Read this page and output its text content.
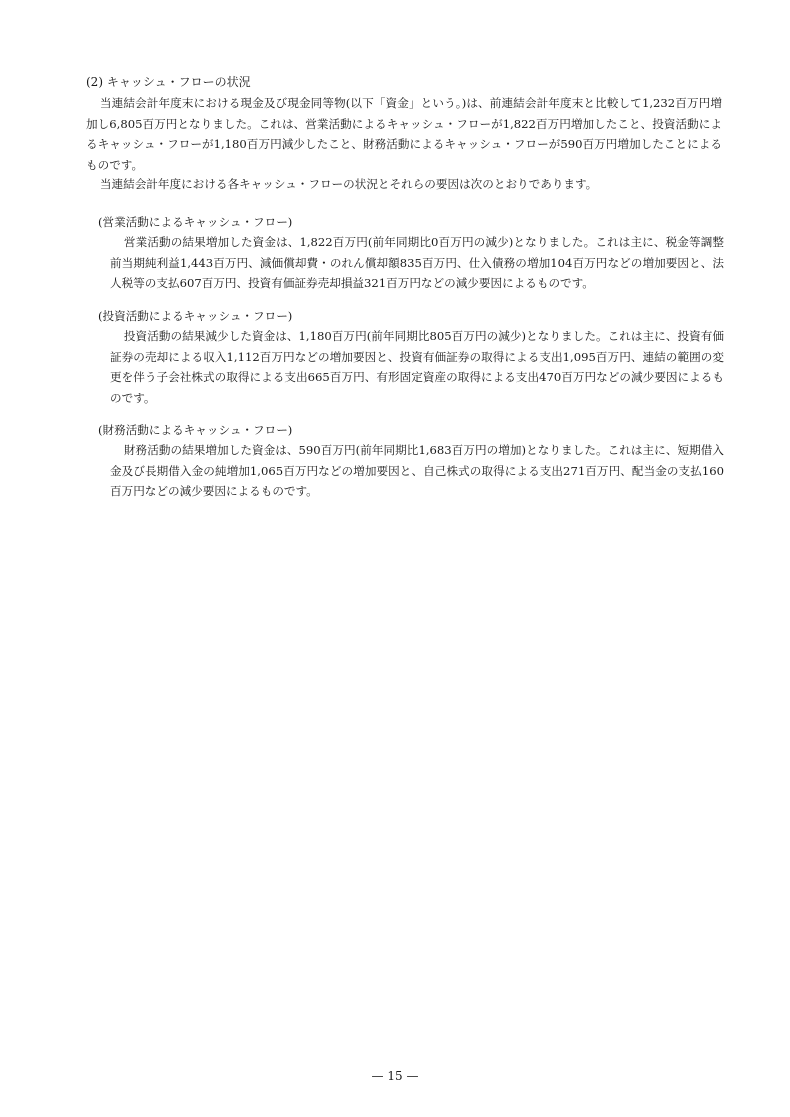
(2) キャッシュ・フローの状況

当連結会計年度末における現金及び現金同等物(以下「資金」という。)は、前連結会計年度末と比較して1,232百万円増加し6,805百万円となりました。これは、営業活動によるキャッシュ・フローが1,822百万円増加したこと、投資活動によるキャッシュ・フローが1,180百万円減少したこと、財務活動によるキャッシュ・フローが590百万円増加したことによるものです。

当連結会計年度における各キャッシュ・フローの状況とそれらの要因は次のとおりであります。

(営業活動によるキャッシュ・フロー)

営業活動の結果増加した資金は、1,822百万円(前年同期比0百万円の減少)となりました。これは主に、税金等調整前当期純利益1,443百万円、減価償却費・のれん償却額835百万円、仕入債務の増加104百万円などの増加要因と、法人税等の支払607百万円、投資有価証券売却損益321百万円などの減少要因によるものです。

(投資活動によるキャッシュ・フロー)

投資活動の結果減少した資金は、1,180百万円(前年同期比805百万円の減少)となりました。これは主に、投資有価証券の売却による収入1,112百万円などの増加要因と、投資有価証券の取得による支出1,095百万円、連結の範囲の変更を伴う子会社株式の取得による支出665百万円、有形固定資産の取得による支出470百万円などの減少要因によるものです。

(財務活動によるキャッシュ・フロー)

財務活動の結果増加した資金は、590百万円(前年同期比1,683百万円の増加)となりました。これは主に、短期借入金及び長期借入金の純増加1,065百万円などの増加要因と、自己株式の取得による支出271百万円、配当金の支払160百万円などの減少要因によるものです。

— 15 —
